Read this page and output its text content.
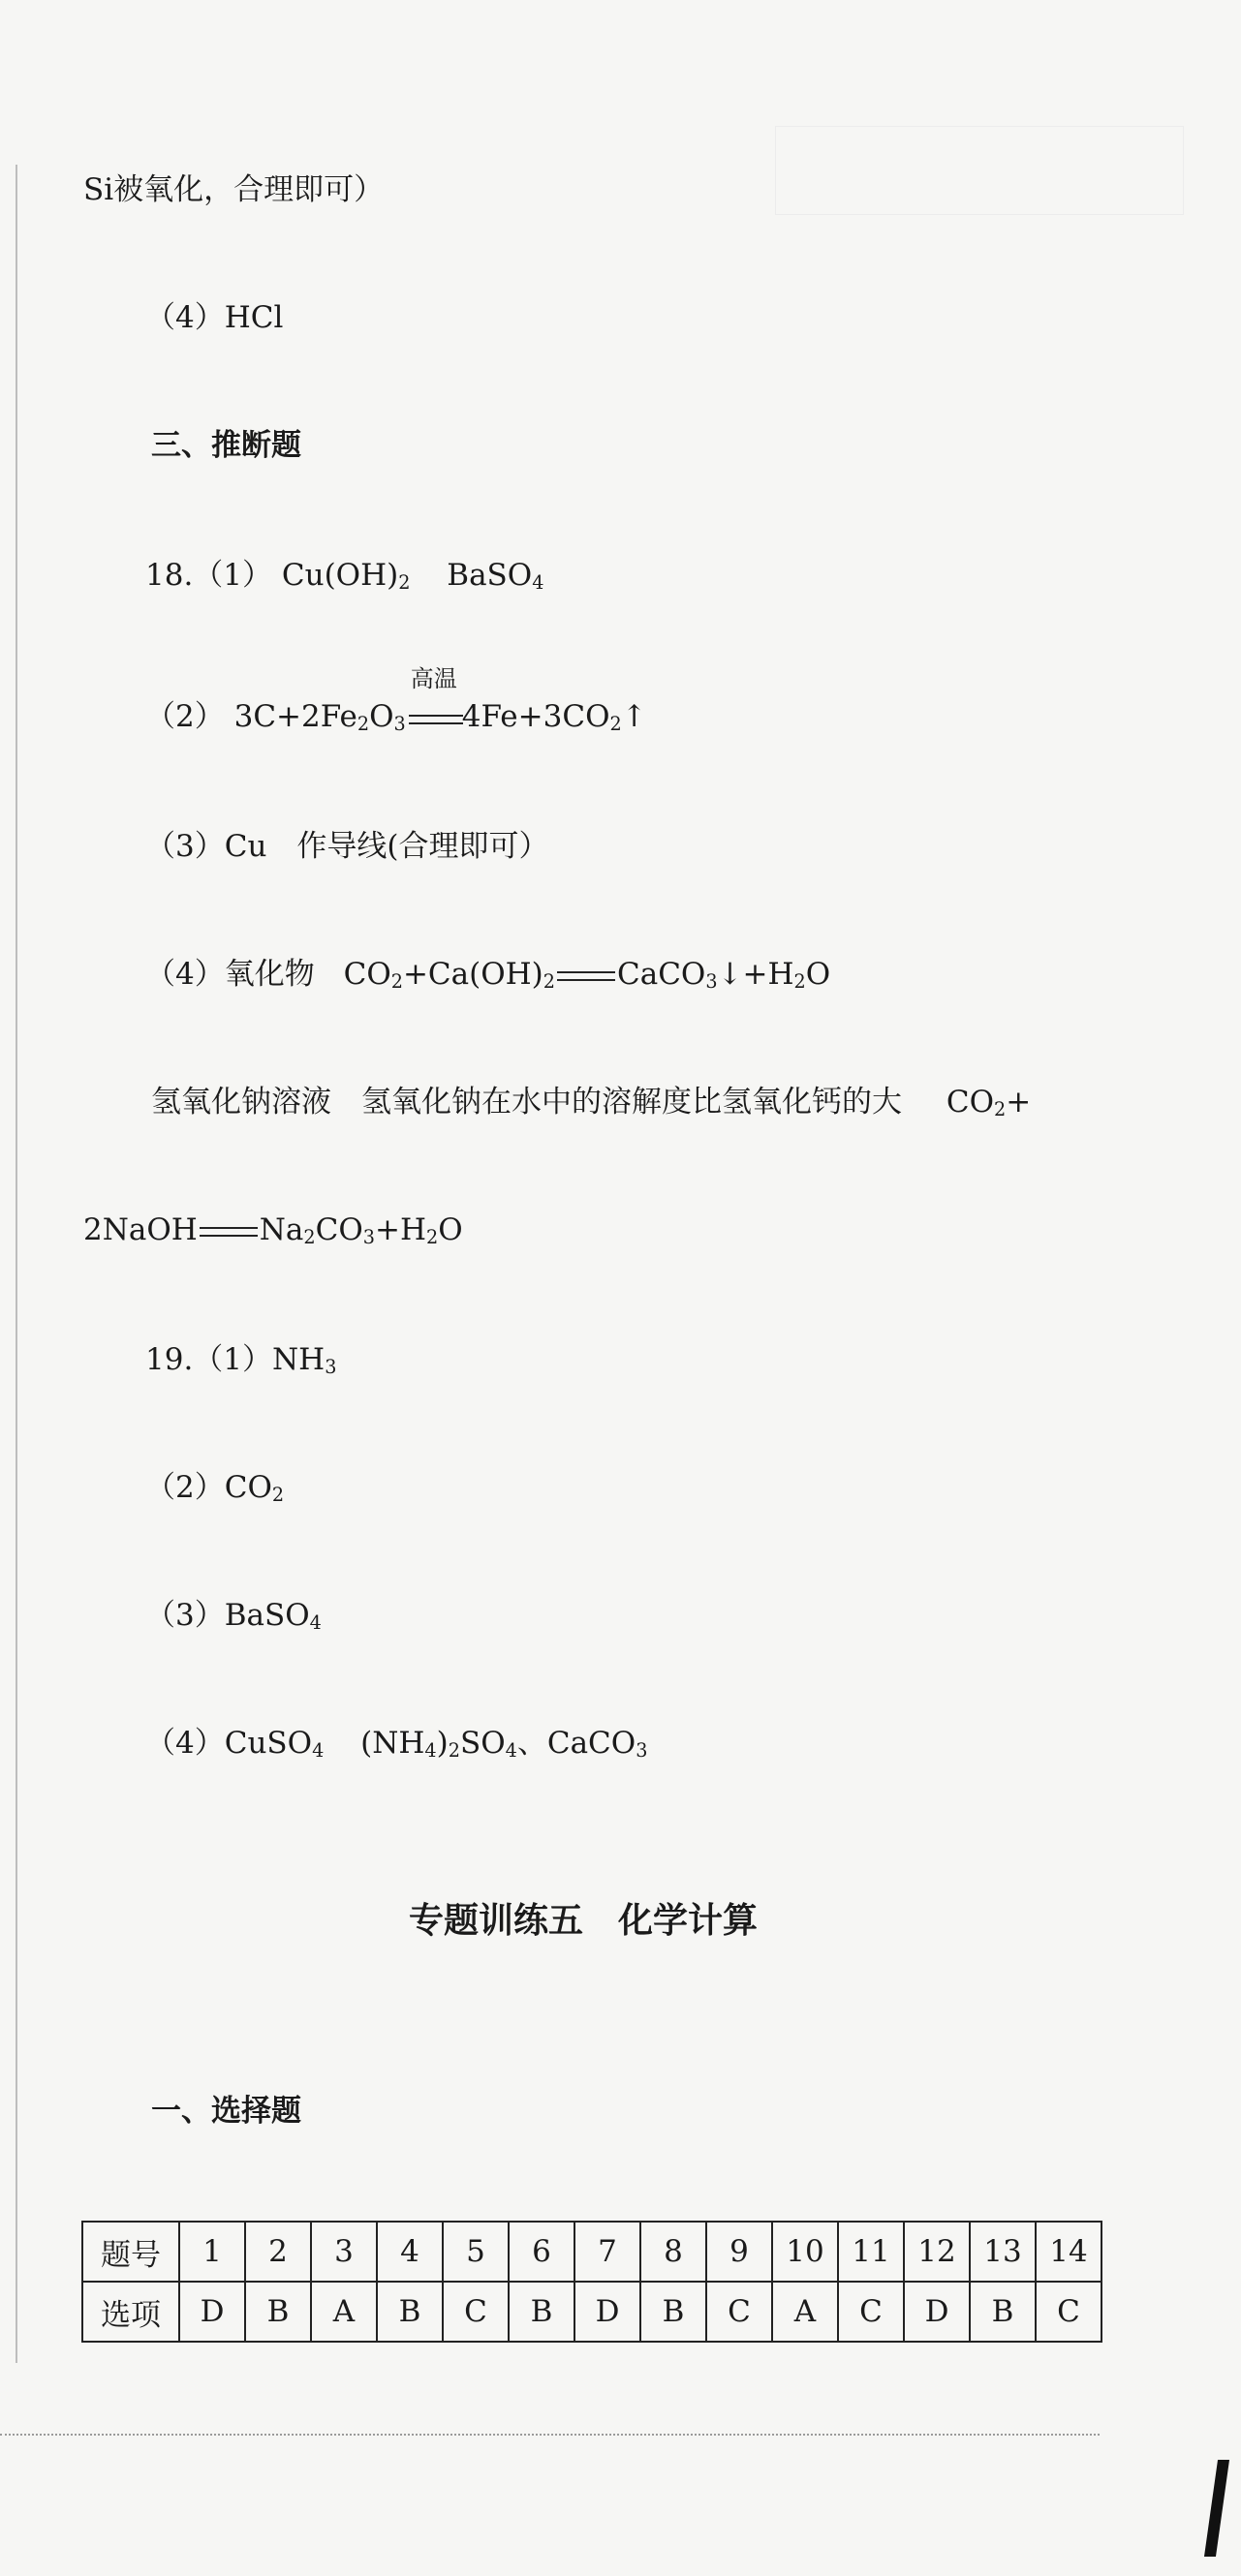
Si被氧化，合理即可）
（4）HCl
三、推断题
18.（1） $Cu(OH)_2$ BaSO$_4$
（2） $3C+2Fe_2O_3$
高温
$4Fe+3CO_2↑$
（3）Cu　作导线(合理即可）
（4）氧化物 $CO_2+Ca(OH)_2$ $CaCO_3↓+H_2O$
氢氧化钠溶液　氢氧化钠在水中的溶解度比氢氧化钙的大 $CO_2+$
2NaOH $Na_2CO_3+H_2O$
$19.(1)NH_3$
$(2)CO_2$
（3）BaSO$_4$
（4）CuSO$_4$ $(NH_4)_2SO_4$、CaCO$_3$
专题训练五　化学计算
一、选择题
题号	1	2	3	4	5	6	7	8	9	10	11	12	13	14
选项	D	B	A	B	C	B	D	B	C	A	C	D	B	C
